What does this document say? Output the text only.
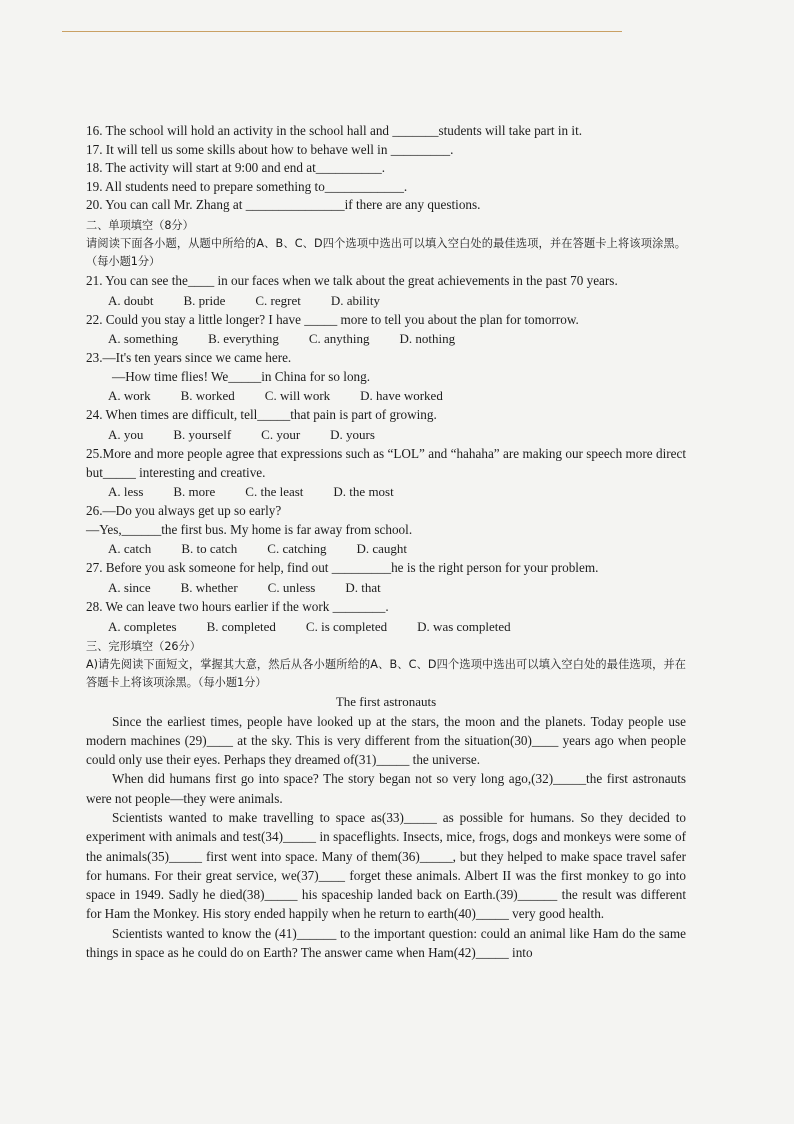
16. The school will hold an activity in the school hall and _______students will take part in it.
17. It will tell us some skills about how to behave well in _________.
18. The activity will start at 9:00 and end at__________.
19. All students need to prepare something to____________.
20. You can call Mr. Zhang at _______________if there are any questions.
二、单项填空（8分）
请阅读下面各小题，从题中所给的A、B、C、D四个选项中选出可以填入空白处的最佳选项，并在答题卡上将该项涂黑。（每小题1分）
21. You can see the____ in our faces when we talk about the great achievements in the past 70 years.
A. doubt B. pride C. regret D. ability
22. Could you stay a little longer? I have _____ more to tell you about the plan for tomorrow.
A. something B. everything C. anything D. nothing
23.—It's ten years since we came here.
—How time flies! We_____in China for so long.
A. work B. worked C. will work D. have worked
24. When times are difficult, tell_____that pain is part of growing.
A. you B. yourself C. your D. yours
25.More and more people agree that expressions such as “LOL” and “hahaha” are making our speech more direct but_____ interesting and creative.
A. less B. more C. the least D. the most
26.—Do you always get up so early?
—Yes,______the first bus. My home is far away from school.
A. catch B. to catch C. catching D. caught
27. Before you ask someone for help, find out _________he is the right person for your problem.
A. since B. whether C. unless D. that
28. We can leave two hours earlier if the work ________.
A. completes B. completed C. is completed D. was completed
三、完形填空（26分）
A)请先阅读下面短文，掌握其大意，然后从各小题所给的A、B、C、D四个选项中选出可以填入空白处的最佳选项，并在答题卡上将该项涂黑。（每小题1分）
The first astronauts
Since the earliest times, people have looked up at the stars, the moon and the planets. Today people use modern machines (29)____ at the sky. This is very different from the situation(30)____ years ago when people could only use their eyes. Perhaps they dreamed of(31)_____ the universe.
When did humans first go into space? The story began not so very long ago,(32)_____the first astronauts were not people—they were animals.
Scientists wanted to make travelling to space as(33)_____ as possible for humans. So they decided to experiment with animals and test(34)_____ in spaceflights. Insects, mice, frogs, dogs and monkeys were some of the animals(35)_____ first went into space. Many of them(36)_____, but they helped to make space travel safer for humans. For their great service, we(37)____ forget these animals. Albert II was the first monkey to go into space in 1949. Sadly he died(38)_____ his spaceship landed back on Earth.(39)______ the result was different for Ham the Monkey. His story ended happily when he return to earth(40)_____ very good health.
Scientists wanted to know the (41)______ to the important question: could an animal like Ham do the same things in space as he could do on Earth? The answer came when Ham(42)_____ into
